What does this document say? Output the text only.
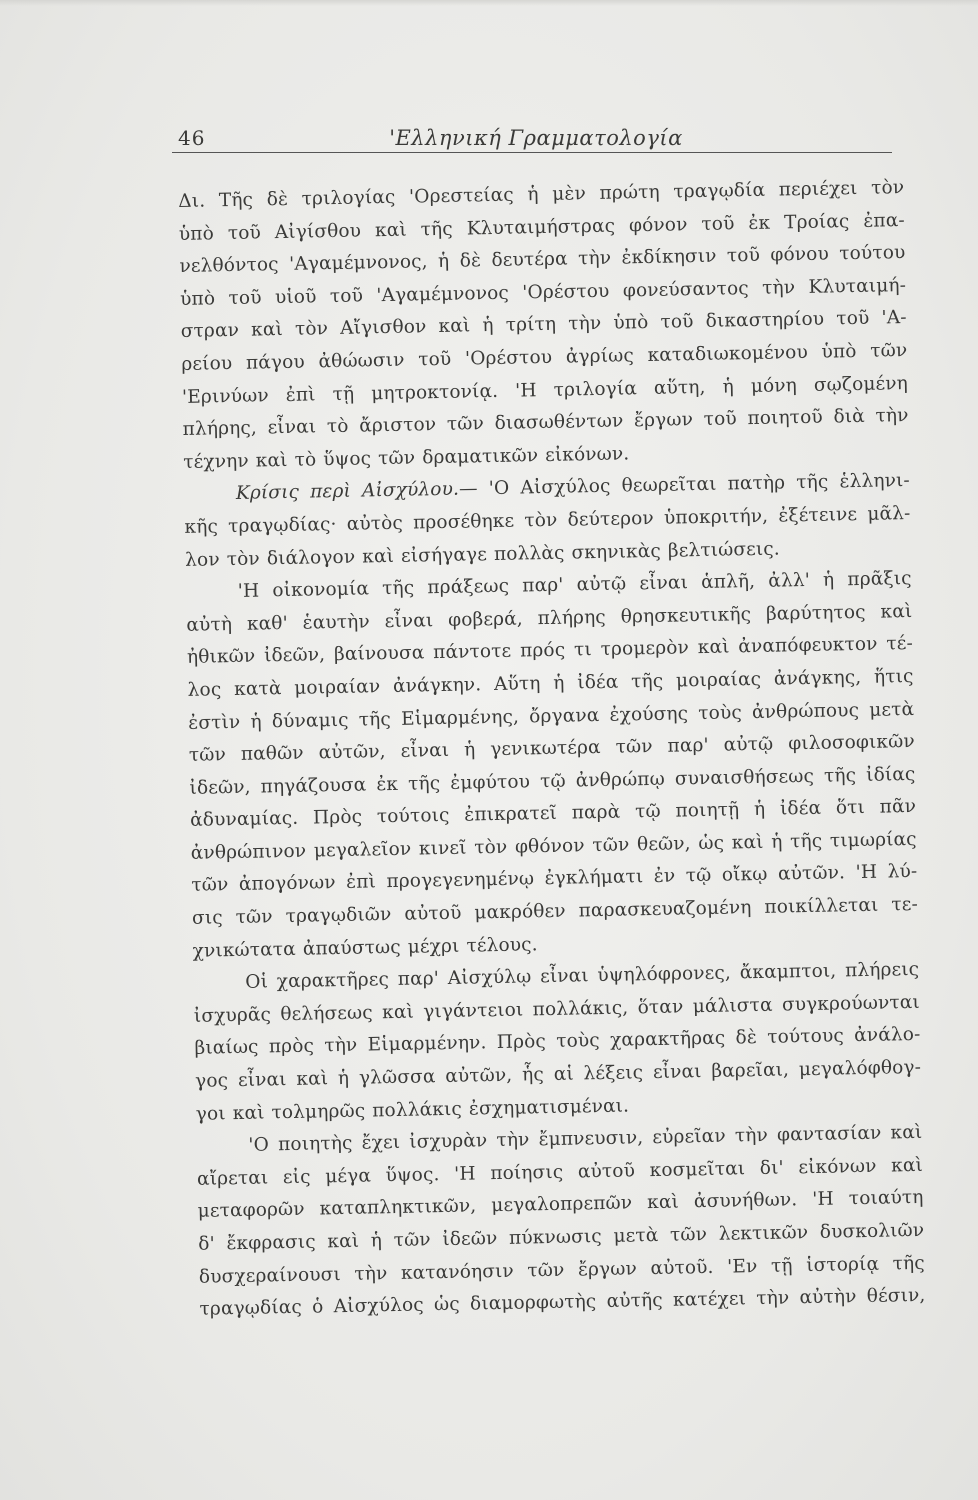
46	'Ελληνική Γραμματολογία
Δι. Τῆς δὲ τριλογίας 'Ορεστείας ἡ μὲν πρώτη τραγῳδία περιέχει τὸν
ὑπὸ τοῦ Αἰγίσθου καὶ τῆς Κλυταιμήστρας φόνον τοῦ ἐκ Τροίας ἐπα-
νελθόντος 'Αγαμέμνονος, ἡ δὲ δευτέρα τὴν ἐκδίκησιν τοῦ φόνου τούτου
ὑπὸ τοῦ υἱοῦ τοῦ 'Αγαμέμνονος 'Ορέστου φονεύσαντος τὴν Κλυταιμή-
στραν καὶ τὸν Αἴγισθον καὶ ἡ τρίτη τὴν ὑπὸ τοῦ δικαστηρίου τοῦ 'Α-
ρείου πάγου ἀθώωσιν τοῦ 'Ορέστου ἀγρίως καταδιωκομένου ὑπὸ τῶν
'Ερινύων ἐπὶ τῇ μητροκτονίᾳ. 'Η τριλογία αὕτη, ἡ μόνη σῳζομένη
πλήρης, εἶναι τὸ ἄριστον τῶν διασωθέντων ἔργων τοῦ ποιητοῦ διὰ τὴν
τέχνην καὶ τὸ ὕψος τῶν δραματικῶν εἰκόνων.
Κρίσις περὶ Αἰσχύλου.— 'Ο Αἰσχύλος θεωρεῖται πατὴρ τῆς ἑλληνι-
κῆς τραγῳδίας· αὐτὸς προσέθηκε τὸν δεύτερον ὑποκριτήν, ἐξέτεινε μᾶλ-
λον τὸν διάλογον καὶ εἰσήγαγε πολλὰς σκηνικὰς βελτιώσεις.
'Η οἰκονομία τῆς πράξεως παρ' αὐτῷ εἶναι ἁπλῆ, ἀλλ' ἡ πρᾶξις
αὐτὴ καθ' ἑαυτὴν εἶναι φοβερά, πλήρης θρησκευτικῆς βαρύτητος καὶ
ἠθικῶν ἰδεῶν, βαίνουσα πάντοτε πρός τι τρομερὸν καὶ ἀναπόφευκτον τέ-
λος κατὰ μοιραίαν ἀνάγκην. Αὕτη ἡ ἰδέα τῆς μοιραίας ἀνάγκης, ἥτις
ἐστὶν ἡ δύναμις τῆς Εἱμαρμένης, ὄργανα ἐχούσης τοὺς ἀνθρώπους μετὰ
τῶν παθῶν αὐτῶν, εἶναι ἡ γενικωτέρα τῶν παρ' αὐτῷ φιλοσοφικῶν
ἰδεῶν, πηγάζουσα ἐκ τῆς ἐμφύτου τῷ ἀνθρώπῳ συναισθήσεως τῆς ἰδίας
ἀδυναμίας. Πρὸς τούτοις ἐπικρατεῖ παρὰ τῷ ποιητῇ ἡ ἰδέα ὅτι πᾶν
ἀνθρώπινον μεγαλεῖον κινεῖ τὸν φθόνον τῶν θεῶν, ὡς καὶ ἡ τῆς τιμωρίας
τῶν ἀπογόνων ἐπὶ προγεγενημένῳ ἐγκλήματι ἐν τῷ οἴκῳ αὐτῶν. 'Η λύ-
σις τῶν τραγῳδιῶν αὐτοῦ μακρόθεν παρασκευαζομένη ποικίλλεται τε-
χνικώτατα ἀπαύστως μέχρι τέλους.
Οἱ χαρακτῆρες παρ' Αἰσχύλῳ εἶναι ὑψηλόφρονες, ἄκαμπτοι, πλήρεις
ἰσχυρᾶς θελήσεως καὶ γιγάντειοι πολλάκις, ὅταν μάλιστα συγκρούωνται
βιαίως πρὸς τὴν Εἱμαρμένην. Πρὸς τοὺς χαρακτῆρας δὲ τούτους ἀνάλο-
γος εἶναι καὶ ἡ γλῶσσα αὐτῶν, ἧς αἱ λέξεις εἶναι βαρεῖαι, μεγαλόφθογ-
γοι καὶ τολμηρῶς πολλάκις ἐσχηματισμέναι.
'Ο ποιητὴς ἔχει ἰσχυρὰν τὴν ἔμπνευσιν, εὐρεῖαν τὴν φαντασίαν καὶ
αἴρεται εἰς μέγα ὕψος. 'Η ποίησις αὐτοῦ κοσμεῖται δι' εἰκόνων καὶ
μεταφορῶν καταπληκτικῶν, μεγαλοπρεπῶν καὶ ἀσυνήθων. 'Η τοιαύτη
δ' ἔκφρασις καὶ ἡ τῶν ἰδεῶν πύκνωσις μετὰ τῶν λεκτικῶν δυσκολιῶν
δυσχεραίνουσι τὴν κατανόησιν τῶν ἔργων αὐτοῦ. 'Εν τῇ ἱστορίᾳ τῆς
τραγῳδίας ὁ Αἰσχύλος ὡς διαμορφωτὴς αὐτῆς κατέχει τὴν αὐτὴν θέσιν,
